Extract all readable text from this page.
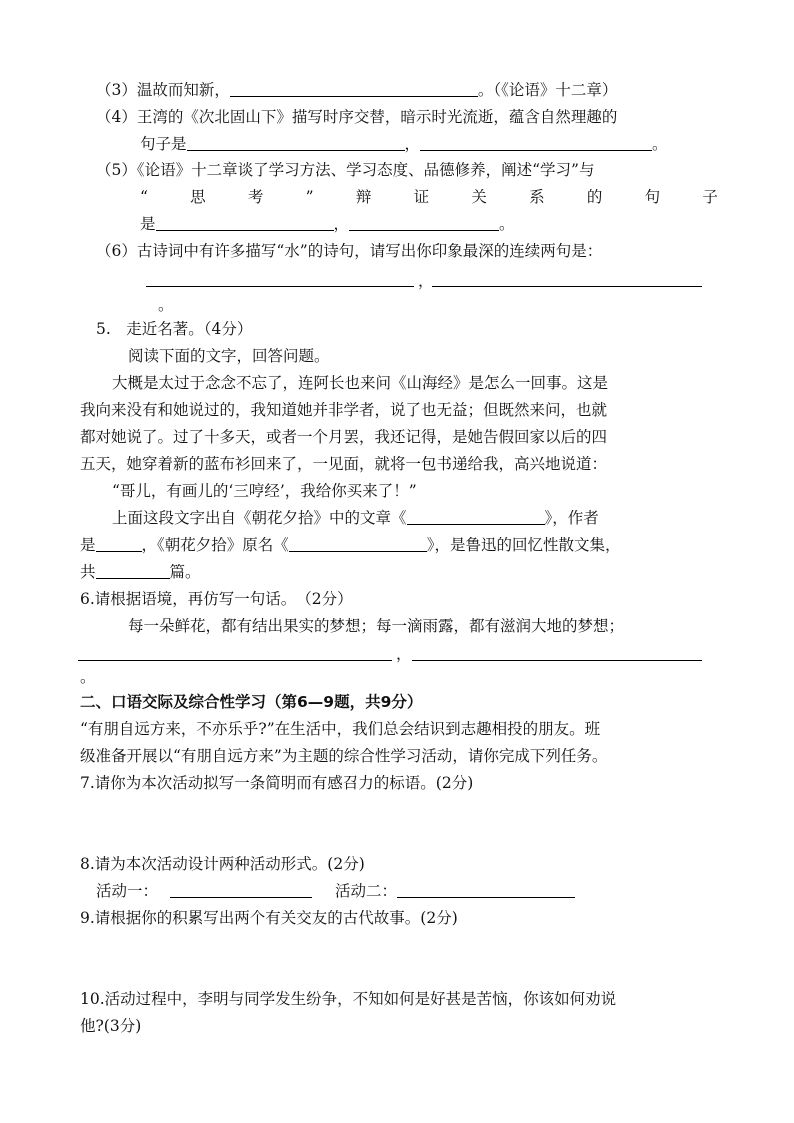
（3）温故而知新，	。（《论语》十二章）
（4）王湾的《次北固山下》描写时序交替，暗示时光流逝，蕴含自然理趣的
句子是	，	。
（5）《论语》十二章谈了学习方法、学习态度、品德修养，阐述“学习”与
“	思	考	”	辩	证	关	系	的	句	子
是	，	。
（6）古诗词中有许多描写“水”的诗句，请写出你印象最深的连续两句是：
，
。
5.　走近名著。（4分）
阅读下面的文字，回答问题。
大概是太过于念念不忘了，连阿长也来问《山海经》是怎么一回事。这是
我向来没有和她说过的，我知道她并非学者，说了也无益；但既然来问，也就
都对她说了。过了十多天，或者一个月罢，我还记得，是她告假回家以后的四
五天，她穿着新的蓝布衫回来了，一见面，就将一包书递给我，高兴地说道：
“哥儿，有画儿的‘三哼经’，我给你买来了！”
上面这段文字出自《朝花夕拾》中的文章《	》，作者
是	，《朝花夕拾》原名《	》，是鲁迅的回忆性散文集，
共	篇。
6.请根据语境，再仿写一句话。　（2分）
每一朵鲜花，都有结出果实的梦想；每一滴雨露，都有滋润大地的梦想；
，
。
二、口语交际及综合性学习（第6—9题，共9分）
“有朋自远方来，不亦乐乎?”在生活中，我们总会结识到志趣相投的朋友。班
级准备开展以“有朋自远方来”为主题的综合性学习活动，请你完成下列任务。
7.请你为本次活动拟写一条简明而有感召力的标语。(2分)
8.请为本次活动设计两种活动形式。(2分)
活动一：	活动二：
9.请根据你的积累写出两个有关交友的古代故事。(2分)
10.活动过程中，李明与同学发生纷争，不知如何是好甚是苦恼，你该如何劝说
他?(3分)
